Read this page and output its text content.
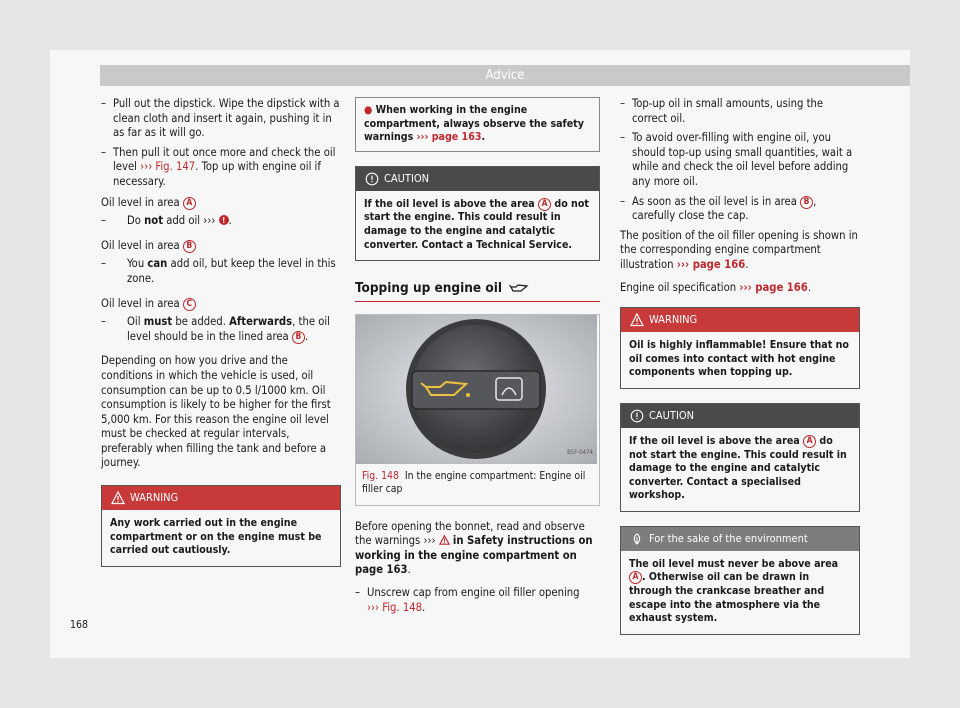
Advice
– Pull out the dipstick. Wipe the dipstick with a clean cloth and insert it again, pushing it in as far as it will go.
– Then pull it out once more and check the oil level ››› Fig. 147. Top up with engine oil if necessary.

Oil level in area A

– Do not add oil ››› ! .

Oil level in area B

– You can add oil, but keep the level in this zone.

Oil level in area C

– Oil must be added. Afterwards, the oil level should be in the lined area B .

Depending on how you drive and the conditions in which the vehicle is used, oil consumption can be up to 0.5 l/1000 km. Oil consumption is likely to be higher for the first 5,000 km. For this reason the engine oil level must be checked at regular intervals, preferably when filling the tank and before a journey.

WARNING
Any work carried out in the engine compartment or on the engine must be carried out cautiously.
● When working in the engine compartment, always observe the safety warnings ››› page 163.
CAUTION
If the oil level is above the area A do not start the engine. This could result in damage to the engine and catalytic converter. Contact a Technical Service.
Topping up engine oil
B5F-0474
Fig. 148 In the engine compartment: Engine oil filler cap

Before opening the bonnet, read and observe the warnings ›››  in Safety instructions on working in the engine compartment on page 163.

– Unscrew cap from engine oil filler opening
››› Fig. 148.
– Top-up oil in small amounts, using the correct oil.
– To avoid over-filling with engine oil, you should top-up using small quantities, wait a while and check the oil level before adding any more oil.
– As soon as the oil level is in area B , carefully close the cap.

The position of the oil filler opening is shown in the corresponding engine compartment illustration ››› page 166.

Engine oil specification ››› page 166.

WARNING
Oil is highly inflammable! Ensure that no oil comes into contact with hot engine components when topping up.
CAUTION
If the oil level is above the area A do not start the engine. This could result in damage to the engine and catalytic converter. Contact a specialised workshop.
For the sake of the environment
The oil level must never be above area A . Otherwise oil can be drawn in through the crankcase breather and escape into the atmosphere via the exhaust system.
168
